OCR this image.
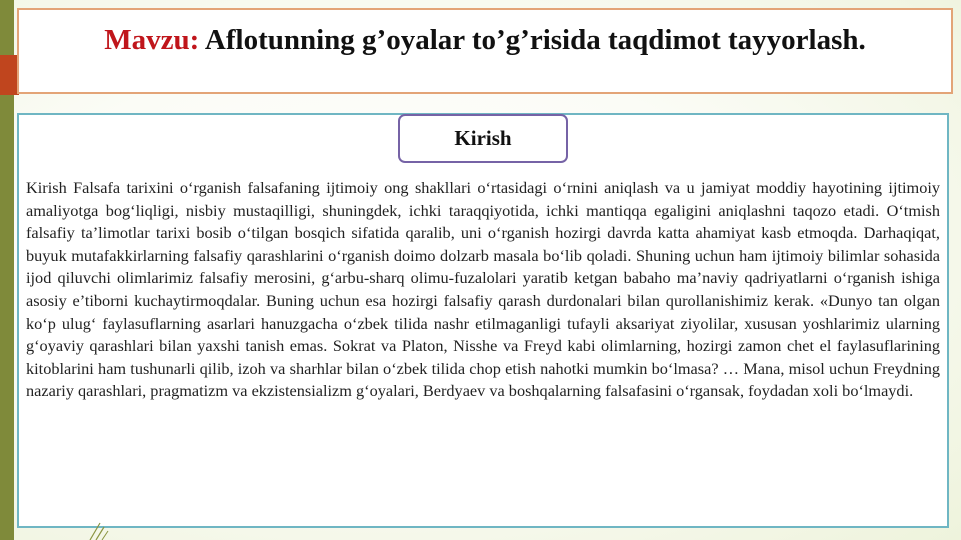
Mavzu: Aflotunning g’oyalar to’g’risida taqdimot tayyorlash.
Kirish

Kirish Falsafa tarixini o‘rganish falsafaning ijtimoiy ong shakllari o‘rtasidagi o‘rnini aniqlash va u jamiyat moddiy hayotining ijtimoiy amaliyotga bog‘liqligi, nisbiy mustaqilligi, shuningdek, ichki taraqqiyotida, ichki mantiqqa egaligini aniqlashni taqozo etadi. O‘tmish falsafiy ta’limotlar tarixi bosib o‘tilgan bosqich sifatida qaralib, uni o‘rganish hozirgi davrda katta ahamiyat kasb etmoqda. Darhaqiqat, buyuk mutafakkirlarning falsafiy qarashlarini o‘rganish doimo dolzarb masala bo‘lib qoladi. Shuning uchun ham ijtimoiy bilimlar sohasida ijod qiluvchi olimlarimiz falsafiy merosini, g‘arbu-sharq olimu-fuzalolari yaratib ketgan babaho ma’naviy qadriyatlarni o‘rganish ishiga asosiy e’tiborni kuchaytirmoqdalar. Buning uchun esa hozirgi falsafiy qarash durdonalari bilan qurollanishimiz kerak. «Dunyo tan olgan ko‘p ulug‘ faylasuflarning asarlari hanuzgacha o‘zbek tilida nashr etilmaganligi tufayli aksariyat ziyolilar, xususan yoshlarimiz ularning g‘oyaviy qarashlari bilan yaxshi tanish emas. Sokrat va Platon, Nisshe va Freyd kabi olimlarning, hozirgi zamon chet el faylasuflarining kitoblarini ham tushunarli qilib, izoh va sharhlar bilan o‘zbek tilida chop etish nahotki mumkin bo‘lmasa? … Mana, misol uchun Freydning nazariy qarashlari, pragmatizm va ekzistensializm g‘oyalari, Berdyaev va boshqalarning falsafasini o‘rgansak, foydadan xoli bo‘lmaydi.
